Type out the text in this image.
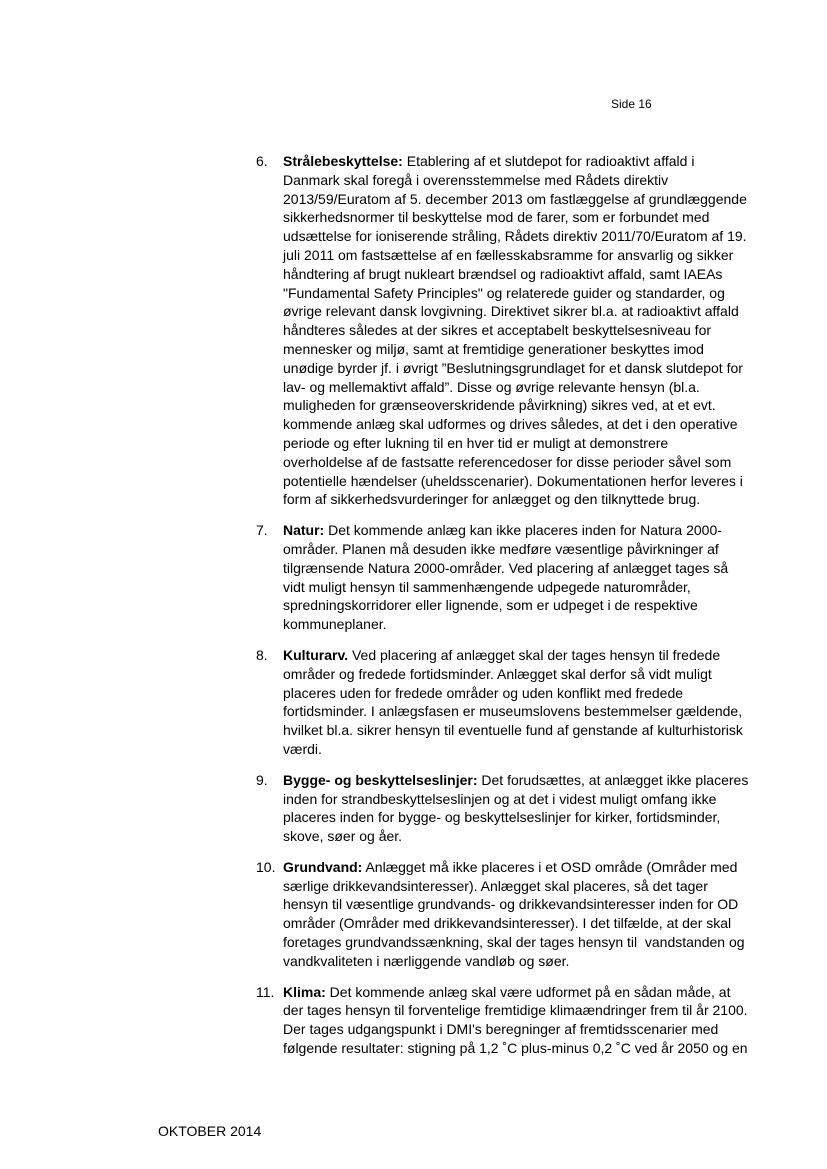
Side 16
6.	Strålebeskyttelse: Etablering af et slutdepot for radioaktivt affald i
Danmark skal foregå i overensstemmelse med Rådets direktiv
2013/59/Euratom af 5. december 2013 om fastlæggelse af grundlæggende
sikkerhedsnormer til beskyttelse mod de farer, som er forbundet med
udsættelse for ioniserende stråling, Rådets direktiv 2011/70/Euratom af 19.
juli 2011 om fastsættelse af en fællesskabsramme for ansvarlig og sikker
håndtering af brugt nukleart brændsel og radioaktivt affald, samt IAEAs
"Fundamental Safety Principles" og relaterede guider og standarder, og
øvrige relevant dansk lovgivning. Direktivet sikrer bl.a. at radioaktivt affald
håndteres således at der sikres et acceptabelt beskyttelsesniveau for
mennesker og miljø, samt at fremtidige generationer beskyttes imod
unødige byrder jf. i øvrigt ”Beslutningsgrundlaget for et dansk slutdepot for
lav- og mellemaktivt affald”. Disse og øvrige relevante hensyn (bl.a.
muligheden for grænseoverskridende påvirkning) sikres ved, at et evt.
kommende anlæg skal udformes og drives således, at det i den operative
periode og efter lukning til en hver tid er muligt at demonstrere
overholdelse af de fastsatte referencedoser for disse perioder såvel som
potentielle hændelser (uheldsscenarier). Dokumentationen herfor leveres i
form af sikkerhedsvurderinger for anlægget og den tilknyttede brug.
7.	Natur: Det kommende anlæg kan ikke placeres inden for Natura 2000-
områder. Planen må desuden ikke medføre væsentlige påvirkninger af
tilgrænsende Natura 2000-områder. Ved placering af anlægget tages så
vidt muligt hensyn til sammenhængende udpegede naturområder,
spredningskorridorer eller lignende, som er udpeget i de respektive
kommuneplaner.
8.	Kulturarv. Ved placering af anlægget skal der tages hensyn til fredede
områder og fredede fortidsminder. Anlægget skal derfor så vidt muligt
placeres uden for fredede områder og uden konflikt med fredede
fortidsminder. I anlægsfasen er museumslovens bestemmelser gældende,
hvilket bl.a. sikrer hensyn til eventuelle fund af genstande af kulturhistorisk
værdi.
9.	Bygge- og beskyttelseslinjer: Det forudsættes, at anlægget ikke placeres
inden for strandbeskyttelseslinjen og at det i videst muligt omfang ikke
placeres inden for bygge- og beskyttelseslinjer for kirker, fortidsminder,
skove, søer og åer.
10. Grundvand: Anlægget må ikke placeres i et OSD område (Områder med
særlige drikkevandsinteresser). Anlægget skal placeres, så det tager
hensyn til væsentlige grundvands- og drikkevandsinteresser inden for OD
områder (Områder med drikkevandsinteresser). I det tilfælde, at der skal
foretages grundvandssænkning, skal der tages hensyn til  vandstanden og
vandkvaliteten i nærliggende vandløb og søer.
11. Klima: Det kommende anlæg skal være udformet på en sådan måde, at
der tages hensyn til forventelige fremtidige klimaændringer frem til år 2100.
Der tages udgangspunkt i DMI's beregninger af fremtidsscenarier med
følgende resultater: stigning på 1,2 ˚C plus-minus 0,2 ˚C ved år 2050 og en
OKTOBER 2014
